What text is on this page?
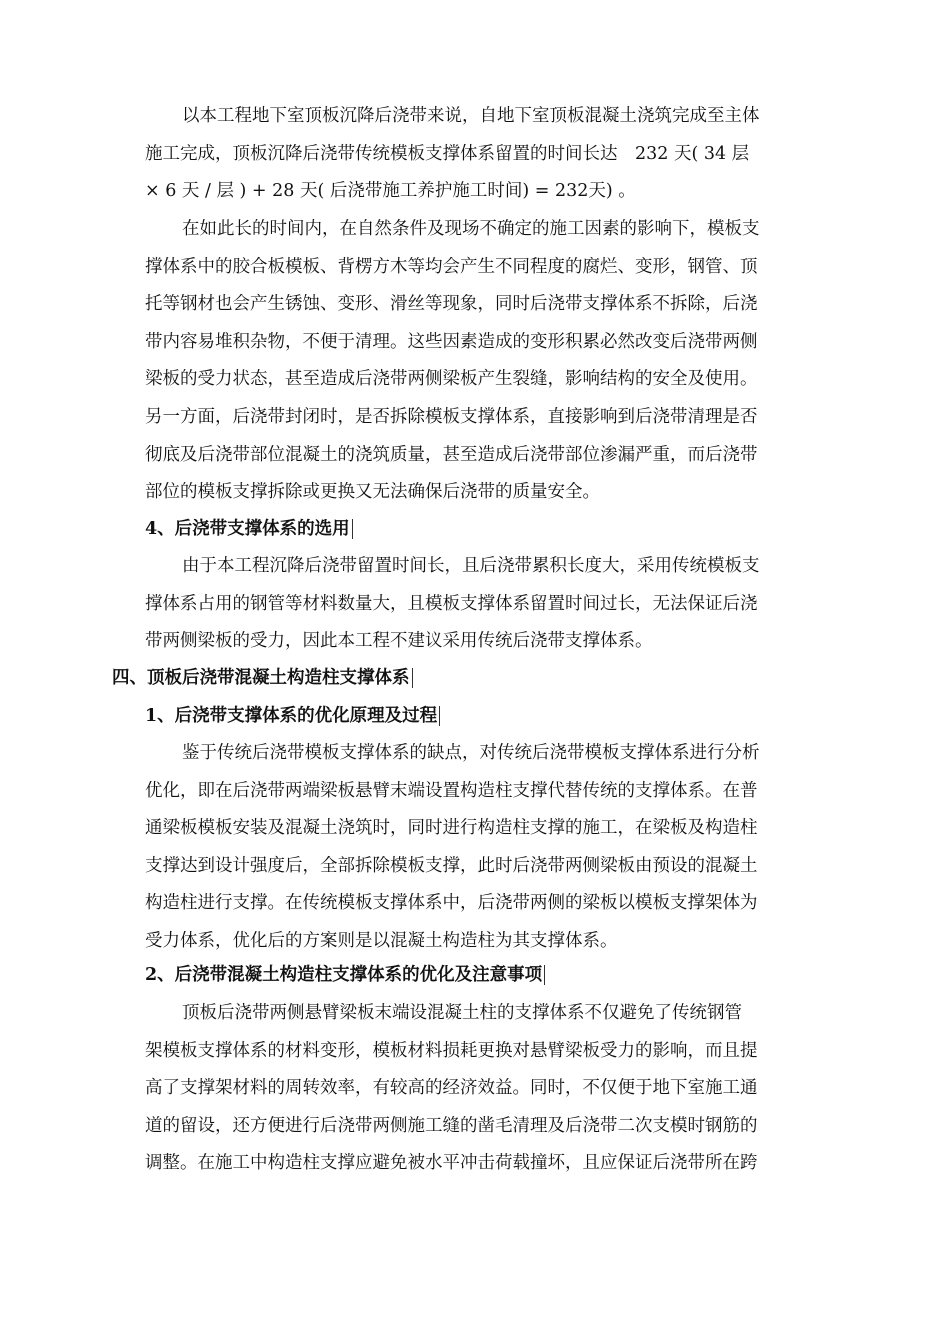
以本工程地下室顶板沉降后浇带来说，自地下室顶板混凝土浇筑完成至主体
施工完成，顶板沉降后浇带传统模板支撑体系留置的时间长达　232 天( 34 层
× 6 天 / 层 ) + 28 天( 后浇带施工养护施工时间) = 232天) 。
在如此长的时间内，在自然条件及现场不确定的施工因素的影响下，模板支
撑体系中的胶合板模板、背楞方木等均会产生不同程度的腐烂、变形，钢管、顶
托等钢材也会产生锈蚀、变形、滑丝等现象，同时后浇带支撑体系不拆除，后浇
带内容易堆积杂物，不便于清理。这些因素造成的变形积累必然改变后浇带两侧
梁板的受力状态，甚至造成后浇带两侧梁板产生裂缝，影响结构的安全及使用。
另一方面，后浇带封闭时，是否拆除模板支撑体系，直接影响到后浇带清理是否
彻底及后浇带部位混凝土的浇筑质量，甚至造成后浇带部位渗漏严重，而后浇带
部位的模板支撑拆除或更换又无法确保后浇带的质量安全。
4、后浇带支撑体系的选用
由于本工程沉降后浇带留置时间长，且后浇带累积长度大，采用传统模板支
撑体系占用的钢管等材料数量大，且模板支撑体系留置时间过长，无法保证后浇
带两侧梁板的受力，因此本工程不建议采用传统后浇带支撑体系。
四、顶板后浇带混凝土构造柱支撑体系
1、后浇带支撑体系的优化原理及过程
鉴于传统后浇带模板支撑体系的缺点，对传统后浇带模板支撑体系进行分析
优化，即在后浇带两端梁板悬臂末端设置构造柱支撑代替传统的支撑体系。在普
通梁板模板安装及混凝土浇筑时，同时进行构造柱支撑的施工，在梁板及构造柱
支撑达到设计强度后，全部拆除模板支撑，此时后浇带两侧梁板由预设的混凝土
构造柱进行支撑。在传统模板支撑体系中，后浇带两侧的梁板以模板支撑架体为
受力体系，优化后的方案则是以混凝土构造柱为其支撑体系。
2、后浇带混凝土构造柱支撑体系的优化及注意事项
顶板后浇带两侧悬臂梁板末端设混凝土柱的支撑体系不仅避免了传统钢管
架模板支撑体系的材料变形，模板材料损耗更换对悬臂梁板受力的影响，而且提
高了支撑架材料的周转效率，有较高的经济效益。同时，不仅便于地下室施工通
道的留设，还方便进行后浇带两侧施工缝的凿毛清理及后浇带二次支模时钢筋的
调整。在施工中构造柱支撑应避免被水平冲击荷载撞坏，且应保证后浇带所在跨
